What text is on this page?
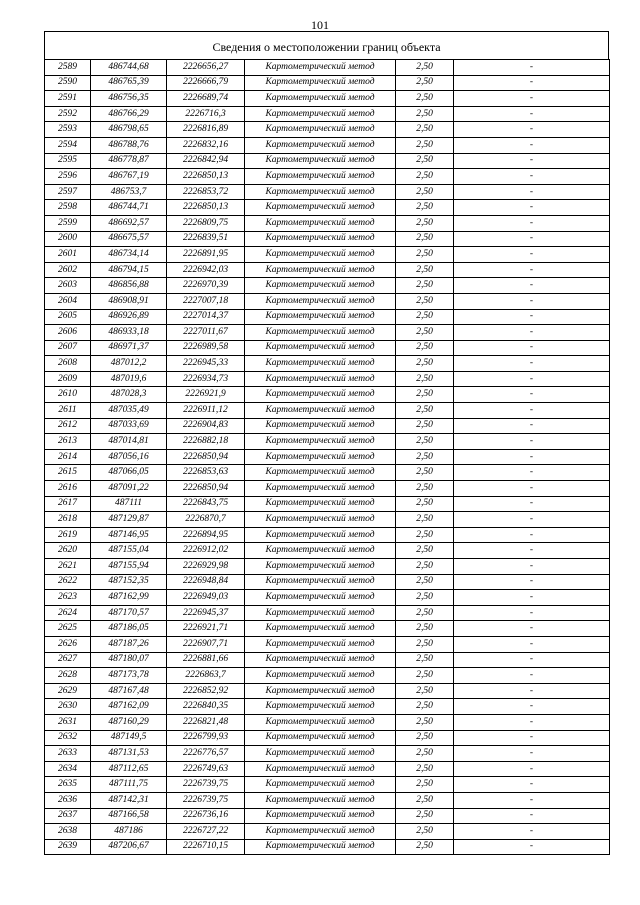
101
Сведения о местоположении границ объекта
2589	486744,68	2226656,27	Картометрический метод	2,50	-
2590	486765,39	2226666,79	Картометрический метод	2,50	-
2591	486756,35	2226689,74	Картометрический метод	2,50	-
2592	486766,29	2226716,3	Картометрический метод	2,50	-
2593	486798,65	2226816,89	Картометрический метод	2,50	-
2594	486788,76	2226832,16	Картометрический метод	2,50	-
2595	486778,87	2226842,94	Картометрический метод	2,50	-
2596	486767,19	2226850,13	Картометрический метод	2,50	-
2597	486753,7	2226853,72	Картометрический метод	2,50	-
2598	486744,71	2226850,13	Картометрический метод	2,50	-
2599	486692,57	2226809,75	Картометрический метод	2,50	-
2600	486675,57	2226839,51	Картометрический метод	2,50	-
2601	486734,14	2226891,95	Картометрический метод	2,50	-
2602	486794,15	2226942,03	Картометрический метод	2,50	-
2603	486856,88	2226970,39	Картометрический метод	2,50	-
2604	486908,91	2227007,18	Картометрический метод	2,50	-
2605	486926,89	2227014,37	Картометрический метод	2,50	-
2606	486933,18	2227011,67	Картометрический метод	2,50	-
2607	486971,37	2226989,58	Картометрический метод	2,50	-
2608	487012,2	2226945,33	Картометрический метод	2,50	-
2609	487019,6	2226934,73	Картометрический метод	2,50	-
2610	487028,3	2226921,9	Картометрический метод	2,50	-
2611	487035,49	2226911,12	Картометрический метод	2,50	-
2612	487033,69	2226904,83	Картометрический метод	2,50	-
2613	487014,81	2226882,18	Картометрический метод	2,50	-
2614	487056,16	2226850,94	Картометрический метод	2,50	-
2615	487066,05	2226853,63	Картометрический метод	2,50	-
2616	487091,22	2226850,94	Картометрический метод	2,50	-
2617	487111	2226843,75	Картометрический метод	2,50	-
2618	487129,87	2226870,7	Картометрический метод	2,50	-
2619	487146,95	2226894,95	Картометрический метод	2,50	-
2620	487155,04	2226912,02	Картометрический метод	2,50	-
2621	487155,94	2226929,98	Картометрический метод	2,50	-
2622	487152,35	2226948,84	Картометрический метод	2,50	-
2623	487162,99	2226949,03	Картометрический метод	2,50	-
2624	487170,57	2226945,37	Картометрический метод	2,50	-
2625	487186,05	2226921,71	Картометрический метод	2,50	-
2626	487187,26	2226907,71	Картометрический метод	2,50	-
2627	487180,07	2226881,66	Картометрический метод	2,50	-
2628	487173,78	2226863,7	Картометрический метод	2,50	-
2629	487167,48	2226852,92	Картометрический метод	2,50	-
2630	487162,09	2226840,35	Картометрический метод	2,50	-
2631	487160,29	2226821,48	Картометрический метод	2,50	-
2632	487149,5	2226799,93	Картометрический метод	2,50	-
2633	487131,53	2226776,57	Картометрический метод	2,50	-
2634	487112,65	2226749,63	Картометрический метод	2,50	-
2635	487111,75	2226739,75	Картометрический метод	2,50	-
2636	487142,31	2226739,75	Картометрический метод	2,50	-
2637	487166,58	2226736,16	Картометрический метод	2,50	-
2638	487186	2226727,22	Картометрический метод	2,50	-
2639	487206,67	2226710,15	Картометрический метод	2,50	-
